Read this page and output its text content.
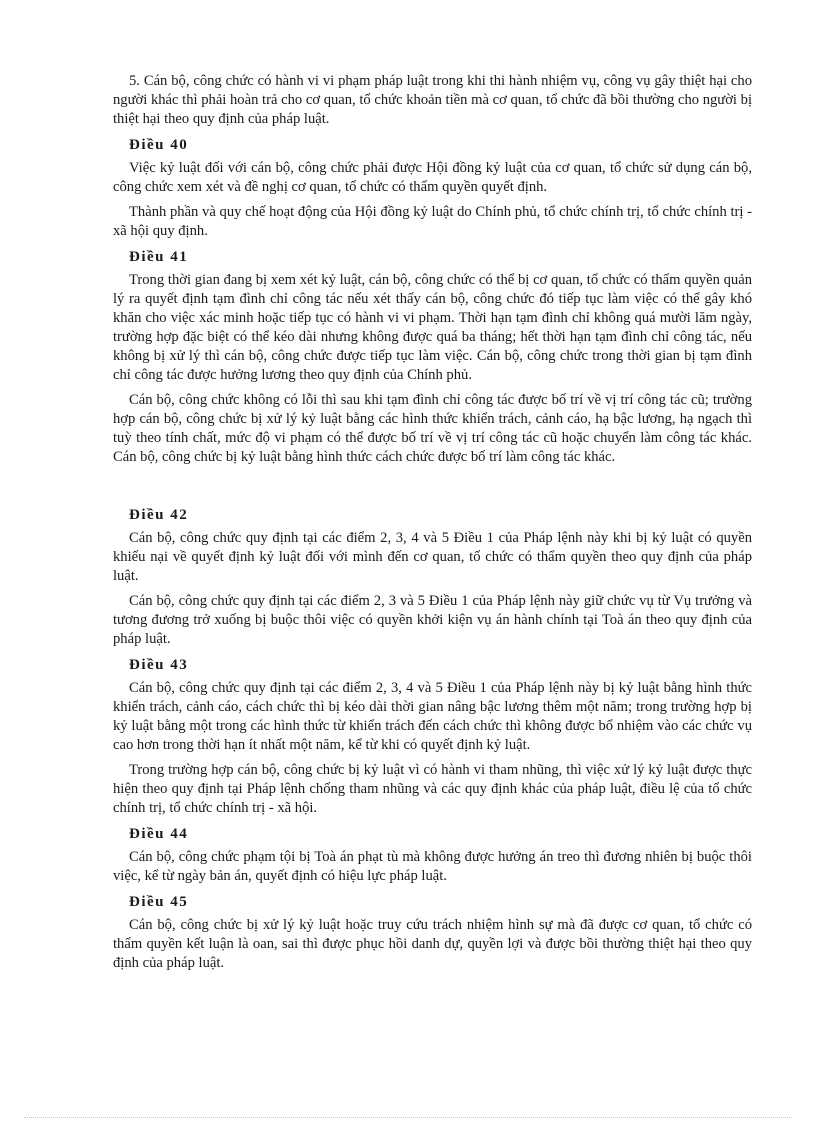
5. Cán bộ, công chức có hành vi vi phạm pháp luật trong khi thi hành nhiệm vụ, công vụ gây thiệt hại cho người khác thì phải hoàn trả cho cơ quan, tổ chức khoản tiền mà cơ quan, tổ chức đã bồi thường cho người bị thiệt hại theo quy định của pháp luật.

Điều 40

Việc kỷ luật đối với cán bộ, công chức phải được Hội đồng kỷ luật của cơ quan, tổ chức sử dụng cán bộ, công chức xem xét và đề nghị cơ quan, tổ chức có thẩm quyền quyết định.

Thành phần và quy chế hoạt động của Hội đồng kỷ luật do Chính phủ, tổ chức chính trị, tổ chức chính trị - xã hội quy định.

Điều 41

Trong thời gian đang bị xem xét kỷ luật, cán bộ, công chức có thể bị cơ quan, tổ chức có thẩm quyền quản lý ra quyết định tạm đình chỉ công tác nếu xét thấy cán bộ, công chức đó tiếp tục làm việc có thể gây khó khăn cho việc xác minh hoặc tiếp tục có hành vi vi phạm. Thời hạn tạm đình chỉ không quá mười lăm ngày, trường hợp đặc biệt có thể kéo dài nhưng không được quá ba tháng; hết thời hạn tạm đình chỉ công tác, nếu không bị xử lý thì cán bộ, công chức được tiếp tục làm việc. Cán bộ, công chức trong thời gian bị tạm đình chỉ công tác được hưởng lương theo quy định của Chính phủ.

Cán bộ, công chức không có lỗi thì sau khi tạm đình chỉ công tác được bố trí về vị trí công tác cũ; trường hợp cán bộ, công chức bị xử lý kỷ luật bằng các hình thức khiển trách, cảnh cáo, hạ bậc lương, hạ ngạch thì tuỳ theo tính chất, mức độ vi phạm có thể được bố trí về vị trí công tác cũ hoặc chuyển làm công tác khác. Cán bộ, công chức bị kỷ luật bằng hình thức cách chức được bố trí làm công tác khác.

Điều 42

Cán bộ, công chức quy định tại các điểm 2, 3, 4 và 5 Điều 1 của Pháp lệnh này khi bị kỷ luật có quyền khiếu nại về quyết định kỷ luật đối với mình đến cơ quan, tổ chức có thẩm quyền theo quy định của pháp luật.

Cán bộ, công chức quy định tại các điểm 2, 3 và 5 Điều 1 của Pháp lệnh này giữ chức vụ từ Vụ trưởng và tương đương trở xuống bị buộc thôi việc có quyền khởi kiện vụ án hành chính tại Toà án theo quy định của pháp luật.

Điều 43

Cán bộ, công chức quy định tại các điểm 2, 3, 4 và 5 Điều 1 của Pháp lệnh này bị kỷ luật bằng hình thức khiển trách, cảnh cáo, cách chức thì bị kéo dài thời gian nâng bậc lương thêm một năm; trong trường hợp bị kỷ luật bằng một trong các hình thức từ khiển trách đến cách chức thì không được bổ nhiệm vào các chức vụ cao hơn trong thời hạn ít nhất một năm, kể từ khi có quyết định kỷ luật.

Trong trường hợp cán bộ, công chức bị kỷ luật vì có hành vi tham nhũng, thì việc xử lý kỷ luật được thực hiện theo quy định tại Pháp lệnh chống tham nhũng và các quy định khác của pháp luật, điều lệ của tổ chức chính trị, tổ chức chính trị - xã hội.

Điều 44

Cán bộ, công chức phạm tội bị Toà án phạt tù mà không được hưởng án treo thì đương nhiên bị buộc thôi việc, kể từ ngày bản án, quyết định có hiệu lực pháp luật.

Điều 45

Cán bộ, công chức bị xử lý kỷ luật hoặc truy cứu trách nhiệm hình sự mà đã được cơ quan, tổ chức có thẩm quyền kết luận là oan, sai thì được phục hồi danh dự, quyền lợi và được bồi thường thiệt hại theo quy định của pháp luật.
